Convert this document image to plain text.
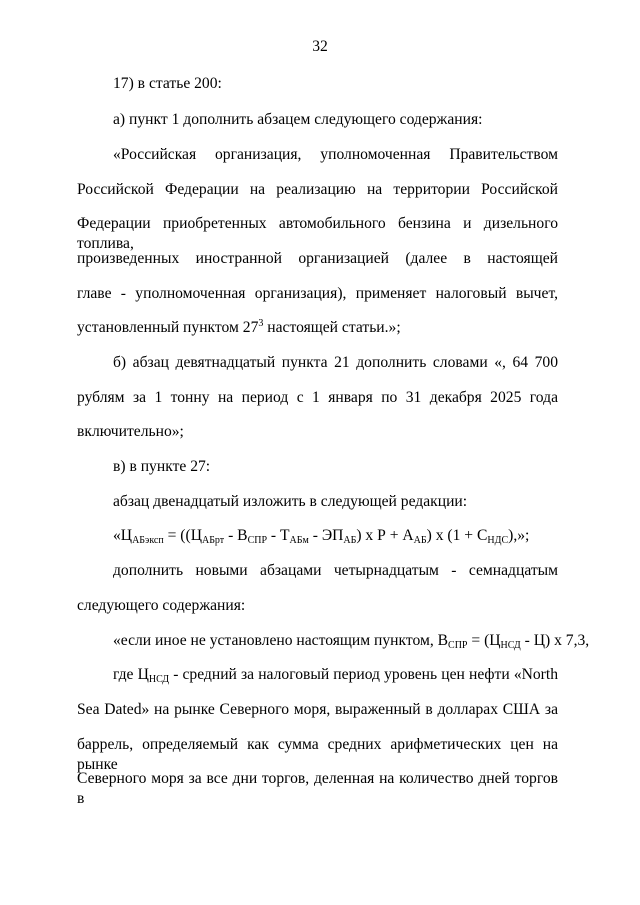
32
17) в статье 200:
а) пункт 1 дополнить абзацем следующего содержания:
«Российская организация, уполномоченная Правительством
Российской Федерации на реализацию на территории Российской
Федерации приобретенных автомобильного бензина и дизельного топлива,
произведенных иностранной организацией (далее в настоящей
главе - уполномоченная организация), применяет налоговый вычет,
установленный пунктом $27^3$ настоящей статьи.»;
б) абзац девятнадцатый пункта 21 дополнить словами «, 64 700
рублям за 1 тонну на период с 1 января по 31 декабря 2025 года
включительно»;
в) в пункте 27:
абзац двенадцатый изложить в следующей редакции:
«$Ц_{АБэксп} = ((Ц_{АБрт} - В_{СПР} - Т_{АБм} - ЭП_{АБ})$ х $Р + А_{АБ}$) х $(1 + С_{НДС})$,»;
дополнить новыми абзацами четырнадцатым - семнадцатым
следующего содержания:
«если иное не установлено настоящим пунктом, $В_{СПР} = (Ц_{НСД} - Ц)$ х 7,3,
где $Ц_{НСД}$ - средний за налоговый период уровень цен нефти «North
Sea Dated» на рынке Северного моря, выраженный в долларах США за
баррель, определяемый как сумма средних арифметических цен на рынке
Северного моря за все дни торгов, деленная на количество дней торгов в
